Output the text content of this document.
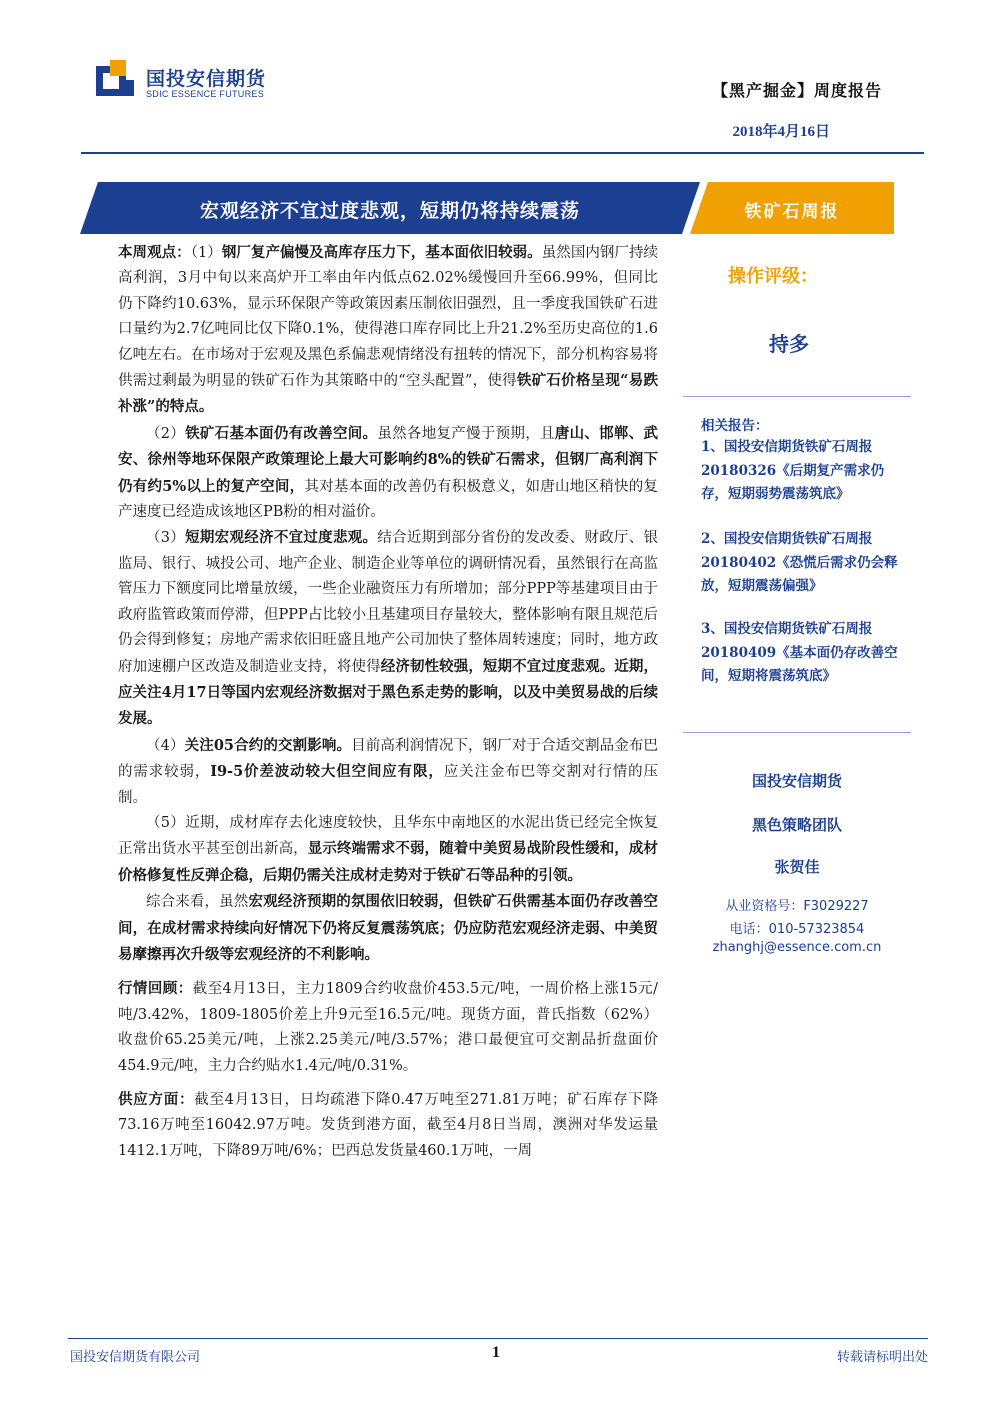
国投安信期货
SDIC ESSENCE FUTURES	【黑产掘金】周度报告
2018年4月16日
宏观经济不宜过度悲观，短期仍将持续震荡	铁矿石周报

本周观点：（1）钢厂复产偏慢及高库存压力下，基本面依旧较弱。虽然国内钢厂持续高利润，3月中旬以来高炉开工率由年内低点62.02%缓慢回升至66.99%，但同比仍下降约10.63%，显示环保限产等政策因素压制依旧强烈，且一季度我国铁矿石进口量约为2.7亿吨同比仅下降0.1%，使得港口库存同比上升21.2%至历史高位的1.6亿吨左右。在市场对于宏观及黑色系偏悲观情绪没有扭转的情况下，部分机构容易将供需过剩最为明显的铁矿石作为其策略中的“空头配置”，使得铁矿石价格呈现“易跌补涨”的特点。

（2）铁矿石基本面仍有改善空间。虽然各地复产慢于预期，且唐山、邯郸、武安、徐州等地环保限产政策理论上最大可影响约8%的铁矿石需求，但钢厂高利润下仍有约5%以上的复产空间，其对基本面的改善仍有积极意义，如唐山地区稍快的复产速度已经造成该地区PB粉的相对溢价。

（3）短期宏观经济不宜过度悲观。结合近期到部分省份的发改委、财政厅、银监局、银行、城投公司、地产企业、制造企业等单位的调研情况看，虽然银行在高监管压力下额度同比增量放缓，一些企业融资压力有所增加；部分PPP等基建项目由于政府监管政策而停滞，但PPP占比较小且基建项目存量较大，整体影响有限且规范后仍会得到修复；房地产需求依旧旺盛且地产公司加快了整体周转速度；同时，地方政府加速棚户区改造及制造业支持，将使得经济韧性较强，短期不宜过度悲观。近期，应关注4月17日等国内宏观经济数据对于黑色系走势的影响，以及中美贸易战的后续发展。

（4）关注05合约的交割影响。目前高利润情况下，钢厂对于合适交割品金布巴的需求较弱，I9-5价差波动较大但空间应有限，应关注金布巴等交割对行情的压制。

（5）近期，成材库存去化速度较快，且华东中南地区的水泥出货已经完全恢复正常出货水平甚至创出新高，显示终端需求不弱，随着中美贸易战阶段性缓和，成材价格修复性反弹企稳，后期仍需关注成材走势对于铁矿石等品种的引领。

综合来看，虽然宏观经济预期的氛围依旧较弱，但铁矿石供需基本面仍存改善空间，在成材需求持续向好情况下仍将反复震荡筑底；仍应防范宏观经济走弱、中美贸易摩擦再次升级等宏观经济的不利影响。

行情回顾：截至4月13日，主力1809合约收盘价453.5元/吨，一周价格上涨15元/吨/3.42%，1809-1805价差上升9元至16.5元/吨。现货方面，普氏指数（62%）收盘价65.25美元/吨，上涨2.25美元/吨/3.57%；港口最便宜可交割品折盘面价454.9元/吨，主力合约贴水1.4元/吨/0.31%。

供应方面：截至4月13日，日均疏港下降0.47万吨至271.81万吨；矿石库存下降73.16万吨至16042.97万吨。发货到港方面，截至4月8日当周，澳洲对华发运量1412.1万吨，下降89万吨/6%；巴西总发货量460.1万吨，一周

操作评级：
持多
相关报告：

1、国投安信期货铁矿石周报20180326《后期复产需求仍存，短期弱势震荡筑底》

2、国投安信期货铁矿石周报20180402《恐慌后需求仍会释放，短期震荡偏强》

3、国投安信期货铁矿石周报20180409《基本面仍存改善空间，短期将震荡筑底》

国投安信期货
黑色策略团队
张贺佳
从业资格号：F3029227
电话：010-57323854
zhanghj@essence.com.cn
国投安信期货有限公司	1	转载请标明出处
